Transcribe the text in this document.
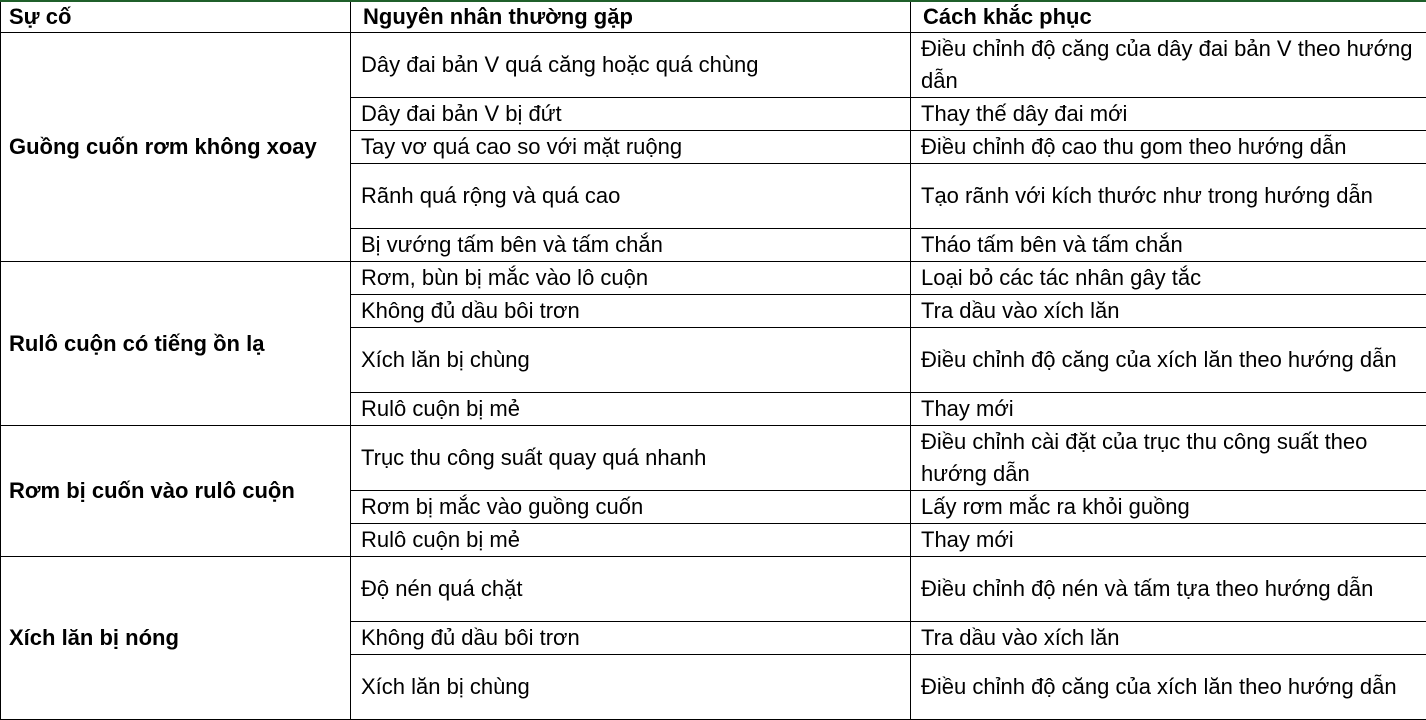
Sự cố	Nguyên nhân thường gặp	Cách khắc phục
Guồng cuốn rơm không xoay	Dây đai bản V quá căng hoặc quá chùng	Điều chỉnh độ căng của dây đai bản V theo hướng dẫn
	Dây đai bản V bị đứt	Thay thế dây đai mới
	Tay vơ quá cao so với mặt ruộng	Điều chỉnh độ cao thu gom theo hướng dẫn
	Rãnh quá rộng và quá cao	Tạo rãnh với kích thước như trong hướng dẫn
	Bị vướng tấm bên và tấm chắn	Tháo tấm bên và tấm chắn
Rulô cuộn có tiếng ồn lạ	Rơm, bùn bị mắc vào lô cuộn	Loại bỏ các tác nhân gây tắc
	Không đủ dầu bôi trơn	Tra dầu vào xích lăn
	Xích lăn bị chùng	Điều chỉnh độ căng của xích lăn theo hướng dẫn
	Rulô cuộn bị mẻ	Thay mới
Rơm bị cuốn vào rulô cuộn	Trục thu công suất quay quá nhanh	Điều chỉnh cài đặt của trục thu công suất theo hướng dẫn
	Rơm bị mắc vào guồng cuốn	Lấy rơm mắc ra khỏi guồng
	Rulô cuộn bị mẻ	Thay mới
Xích lăn bị nóng	Độ nén quá chặt	Điều chỉnh độ nén và tấm tựa theo hướng dẫn
	Không đủ dầu bôi trơn	Tra dầu vào xích lăn
	Xích lăn bị chùng	Điều chỉnh độ căng của xích lăn theo hướng dẫn
